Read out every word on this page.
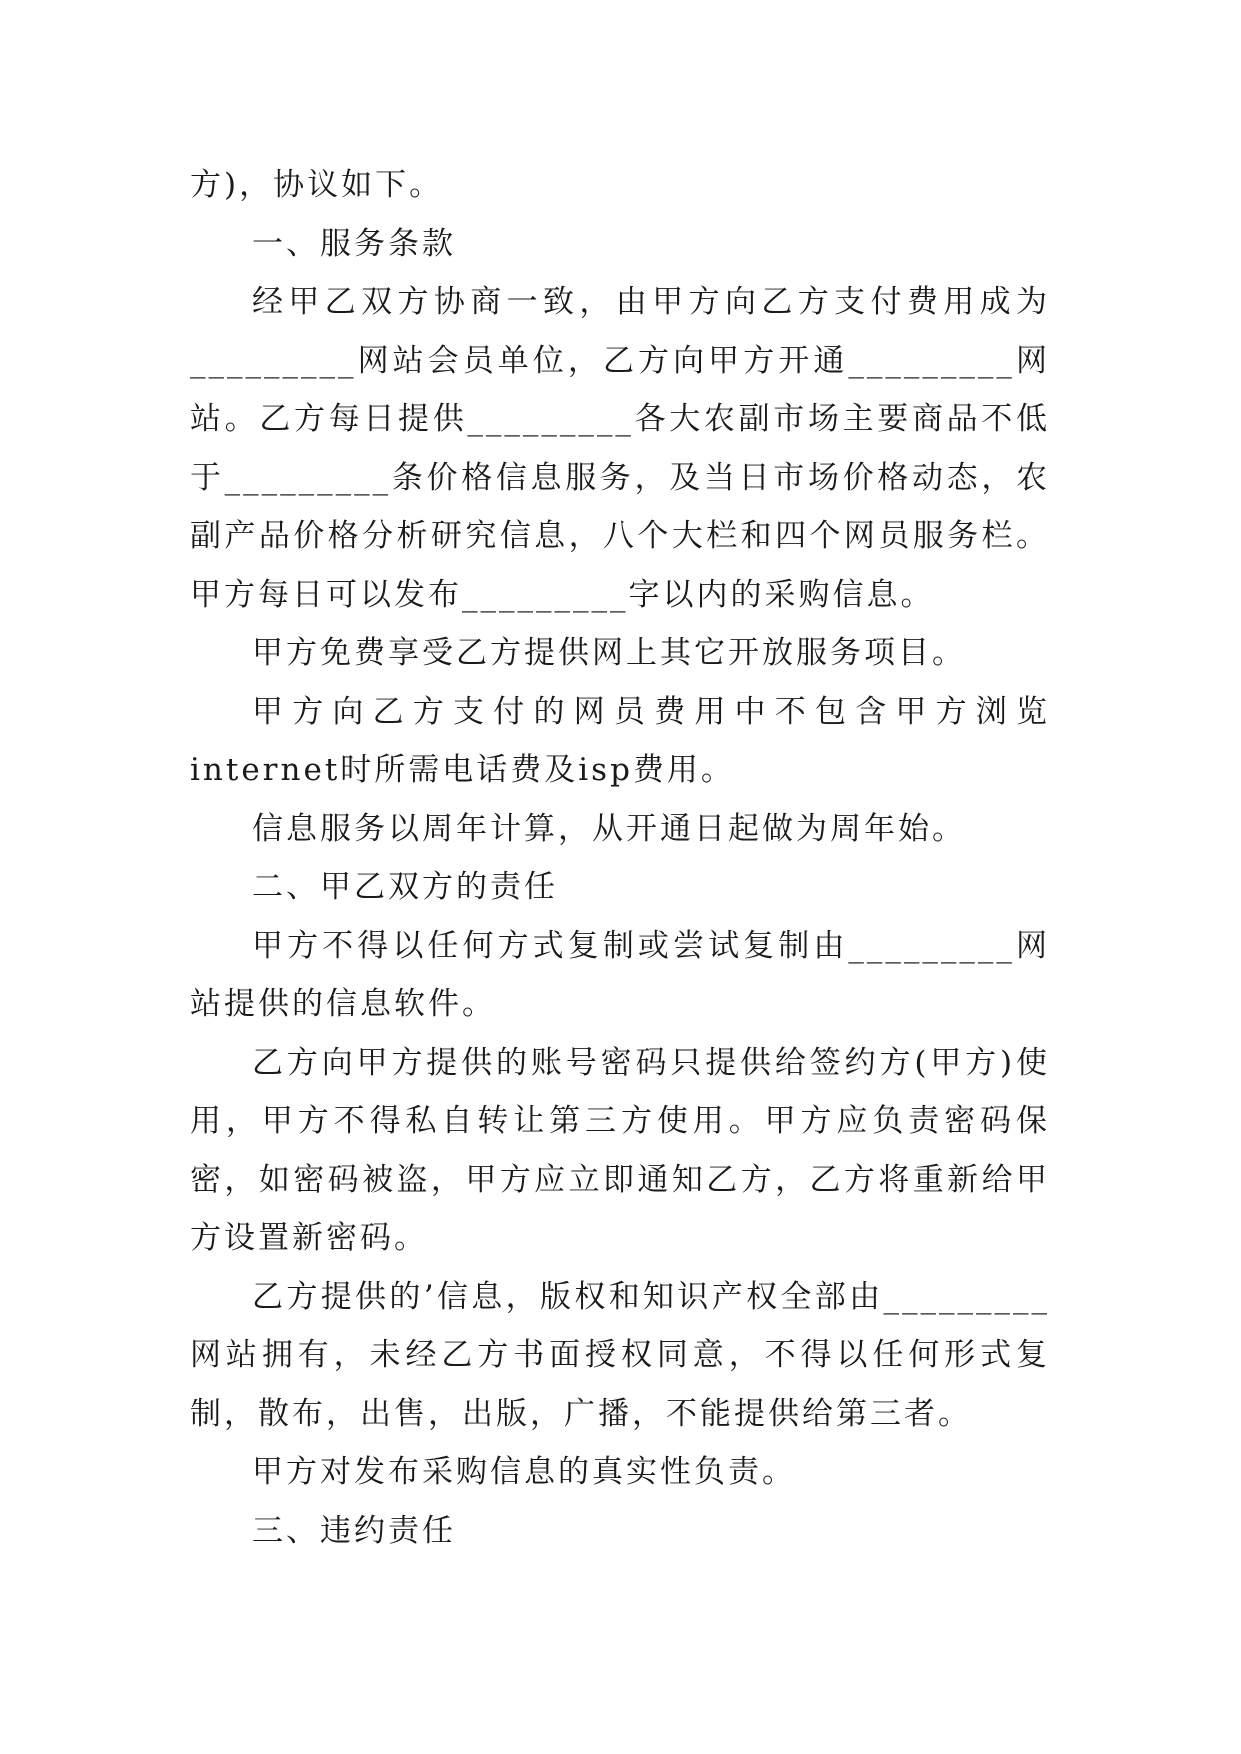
方)，协议如下。

一、服务条款

经甲乙双方协商一致，由甲方向乙方支付费用成为_________网站会员单位，乙方向甲方开通_________网站。乙方每日提供_________各大农副市场主要商品不低于_________条价格信息服务，及当日市场价格动态，农副产品价格分析研究信息，八个大栏和四个网员服务栏。甲方每日可以发布_________字以内的采购信息。

甲方免费享受乙方提供网上其它开放服务项目。

甲方向乙方支付的网员费用中不包含甲方浏览internet时所需电话费及isp费用。

信息服务以周年计算，从开通日起做为周年始。

二、甲乙双方的责任

甲方不得以任何方式复制或尝试复制由_________网站提供的信息软件。

乙方向甲方提供的账号密码只提供给签约方(甲方)使用，甲方不得私自转让第三方使用。甲方应负责密码保密，如密码被盗，甲方应立即通知乙方，乙方将重新给甲方设置新密码。

乙方提供的’信息，版权和知识产权全部由_________网站拥有，未经乙方书面授权同意，不得以任何形式复制，散布，出售，出版，广播，不能提供给第三者。

甲方对发布采购信息的真实性负责。

三、违约责任
